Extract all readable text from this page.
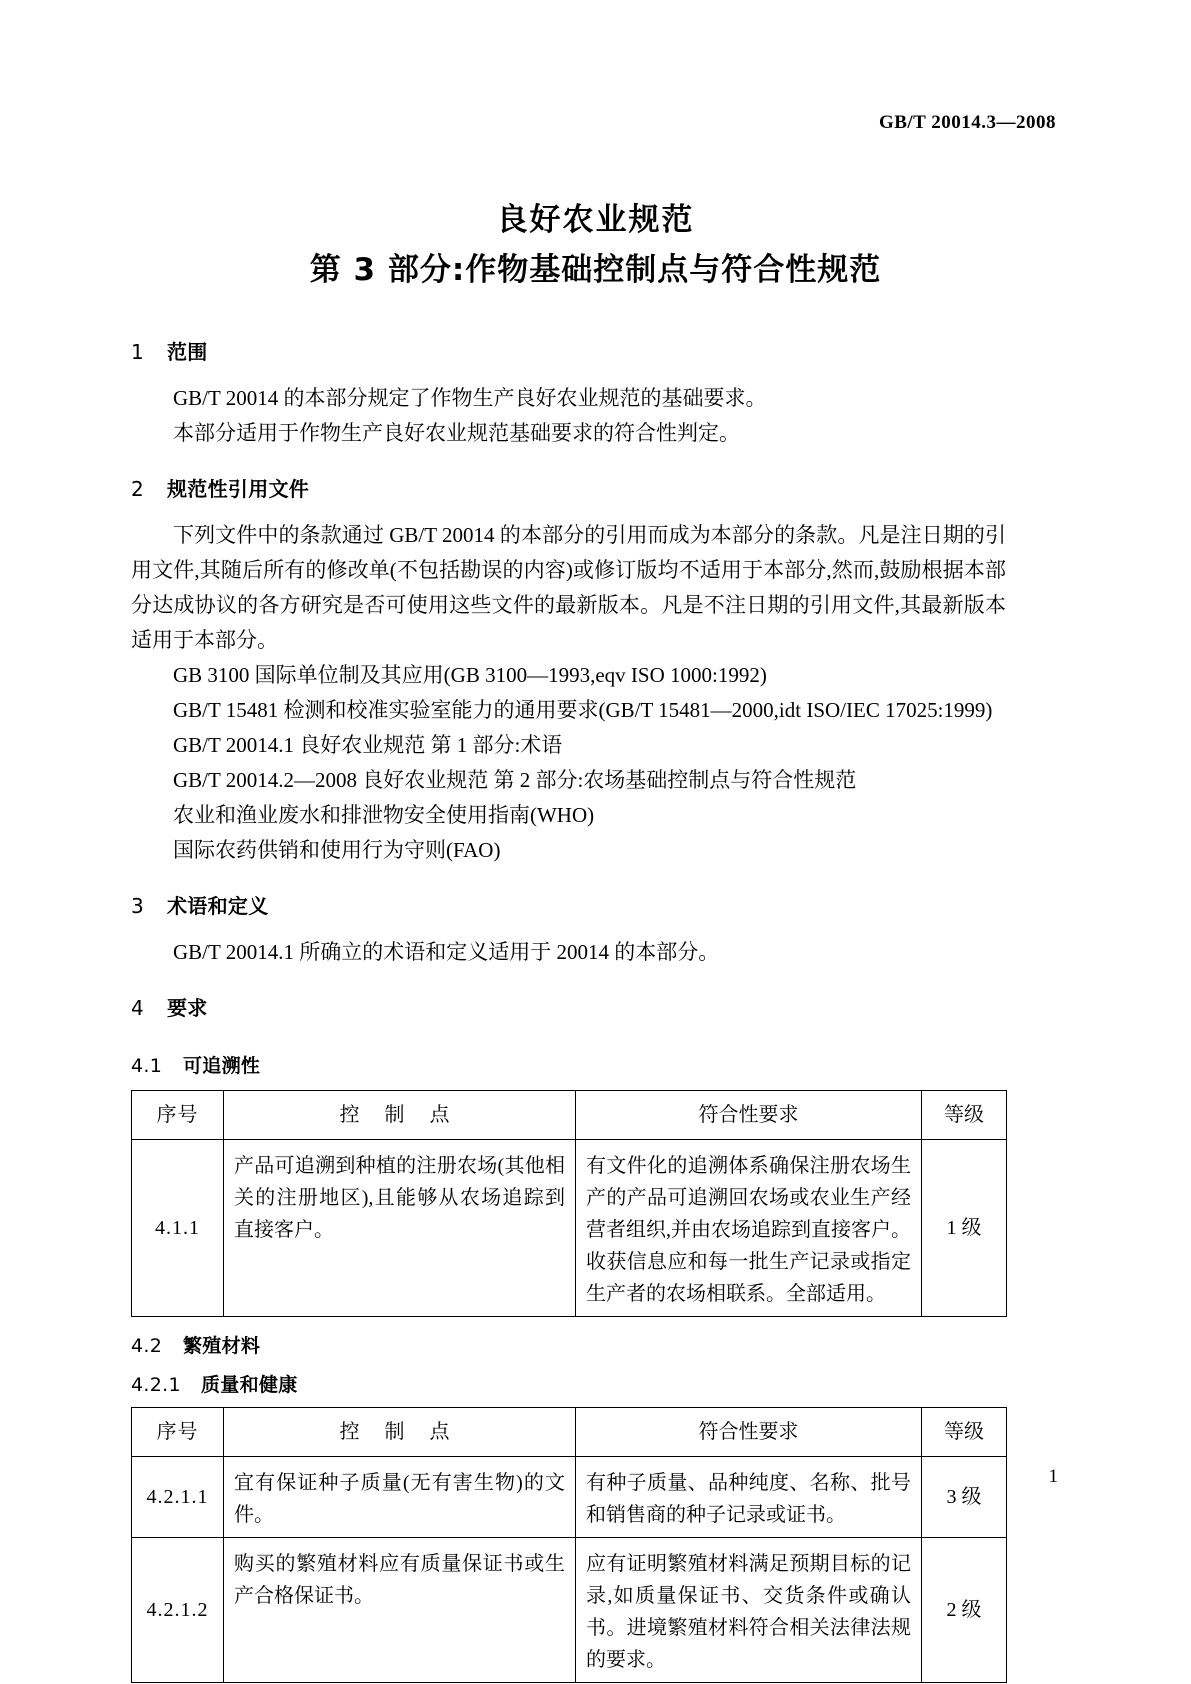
GB/T 20014.3—2008
良好农业规范
第 3 部分:作物基础控制点与符合性规范
1 范围

GB/T 20014 的本部分规定了作物生产良好农业规范的基础要求。

本部分适用于作物生产良好农业规范基础要求的符合性判定。

2 规范性引用文件

下列文件中的条款通过 GB/T 20014 的本部分的引用而成为本部分的条款。凡是注日期的引用文件,其随后所有的修改单(不包括勘误的内容)或修订版均不适用于本部分,然而,鼓励根据本部分达成协议的各方研究是否可使用这些文件的最新版本。凡是不注日期的引用文件,其最新版本适用于本部分。

GB 3100 国际单位制及其应用(GB 3100—1993,eqv ISO 1000:1992)

GB/T 15481 检测和校准实验室能力的通用要求(GB/T 15481—2000,idt ISO/IEC 17025:1999)

GB/T 20014.1 良好农业规范 第 1 部分:术语

GB/T 20014.2—2008 良好农业规范 第 2 部分:农场基础控制点与符合性规范

农业和渔业废水和排泄物安全使用指南(WHO)

国际农药供销和使用行为守则(FAO)

3 术语和定义

GB/T 20014.1 所确立的术语和定义适用于 20014 的本部分。

4 要求
4.1 可追溯性
序号	控 制 点	符合性要求	等级
4.1.1	产品可追溯到种植的注册农场(其他相关的注册地区),且能够从农场追踪到直接客户。	有文件化的追溯体系确保注册农场生产的产品可追溯回农场或农业生产经营者组织,并由农场追踪到直接客户。收获信息应和每一批生产记录或指定生产者的农场相联系。全部适用。	1 级
4.2 繁殖材料
4.2.1 质量和健康
序号	控 制 点	符合性要求	等级
4.2.1.1	宜有保证种子质量(无有害生物)的文件。	有种子质量、品种纯度、名称、批号和销售商的种子记录或证书。	3 级
4.2.1.2	购买的繁殖材料应有质量保证书或生产合格保证书。	应有证明繁殖材料满足预期目标的记录,如质量保证书、交货条件或确认书。进境繁殖材料符合相关法律法规的要求。	2 级
1
